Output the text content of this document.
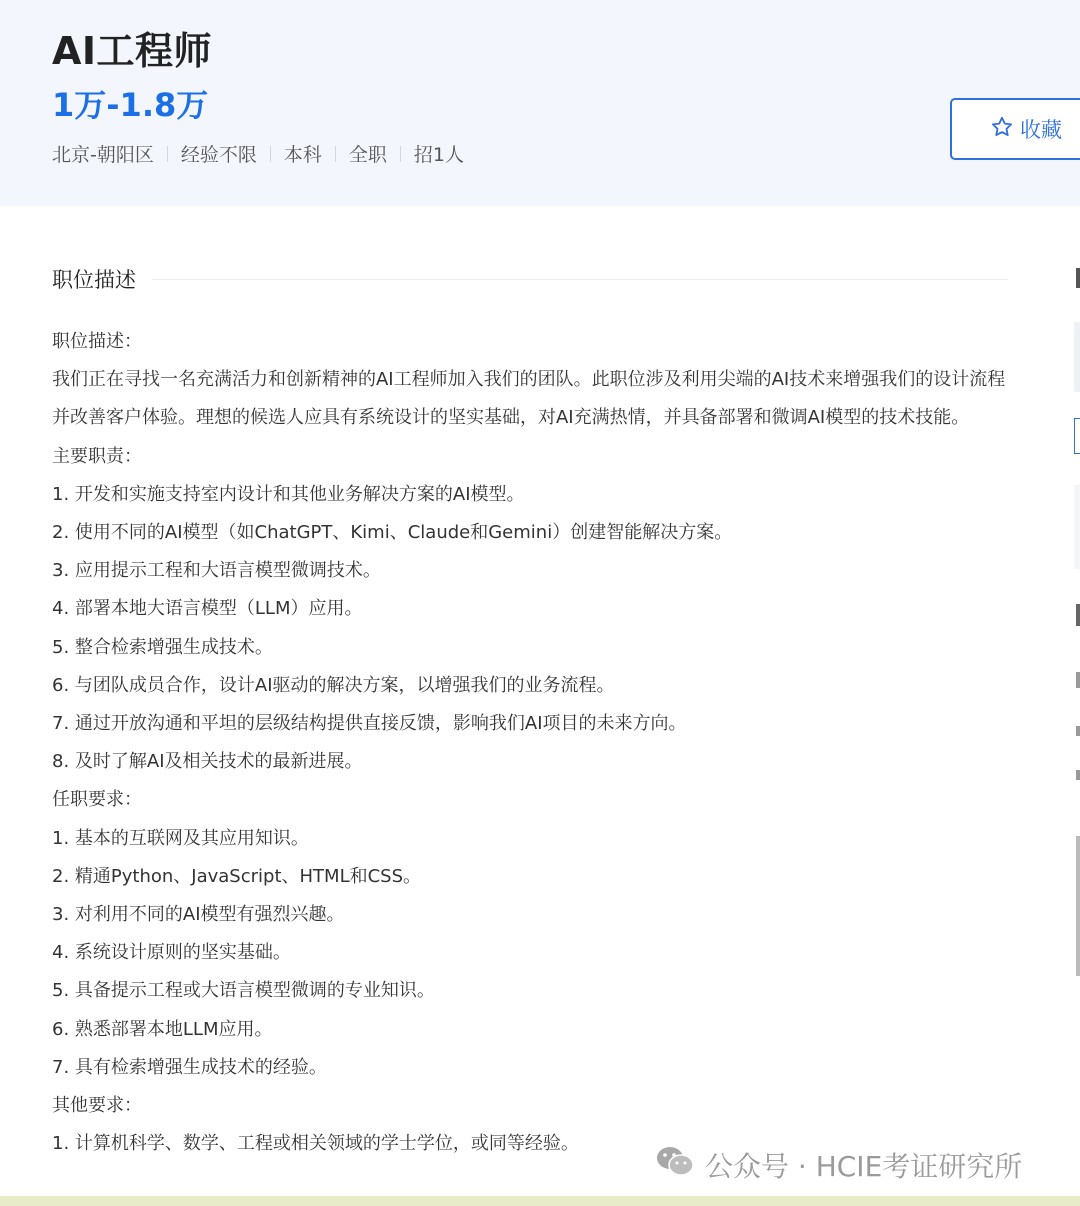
AI工程师
1万-1.8万
北京-朝阳区 经验不限 本科 全职 招1人
收藏
职位描述

职位描述：

我们正在寻找一名充满活力和创新精神的AI工程师加入我们的团队。此职位涉及利用尖端的AI技术来增强我们的设计流程并改善客户体验。理想的候选人应具有系统设计的坚实基础，对AI充满热情，并具备部署和微调AI模型的技术技能。

主要职责：

1. 开发和实施支持室内设计和其他业务解决方案的AI模型。

2. 使用不同的AI模型（如ChatGPT、Kimi、Claude和Gemini）创建智能解决方案。

3. 应用提示工程和大语言模型微调技术。

4. 部署本地大语言模型（LLM）应用。

5. 整合检索增强生成技术。

6. 与团队成员合作，设计AI驱动的解决方案，以增强我们的业务流程。

7. 通过开放沟通和平坦的层级结构提供直接反馈，影响我们AI项目的未来方向。

8. 及时了解AI及相关技术的最新进展。

任职要求：

1. 基本的互联网及其应用知识。

2. 精通Python、JavaScript、HTML和CSS。

3. 对利用不同的AI模型有强烈兴趣。

4. 系统设计原则的坚实基础。

5. 具备提示工程或大语言模型微调的专业知识。

6. 熟悉部署本地LLM应用。

7. 具有检索增强生成技术的经验。

其他要求：

1. 计算机科学、数学、工程或相关领域的学士学位，或同等经验。

公众号 · HCIE考证研究所
